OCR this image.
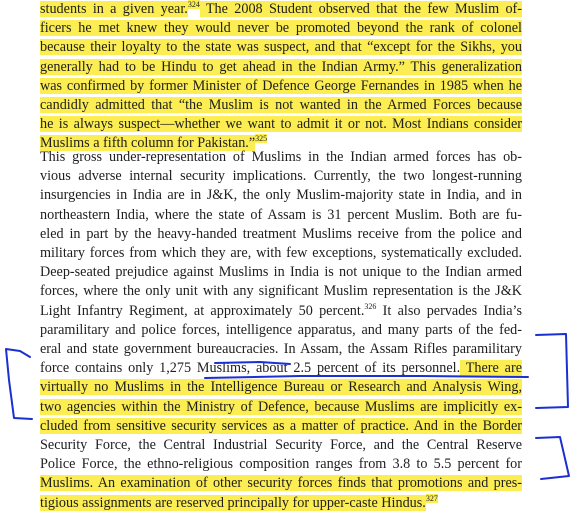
students in a given year.$^{324}$ The 2008 Student observed that the few Muslim of-
ficers he met knew they would never be promoted beyond the rank of colonel
because their loyalty to the state was suspect, and that “except for the Sikhs, you
generally had to be Hindu to get ahead in the Indian Army.” This generalization
was confirmed by former Minister of Defence George Fernandes in 1985 when he
candidly admitted that “the Muslim is not wanted in the Armed Forces because
he is always suspect—whether we want to admit it or not. Most Indians consider
Muslims a fifth column for Pakistan.”$^{325}$
This gross under-representation of Muslims in the Indian armed forces has ob-
vious adverse internal security implications. Currently, the two longest-running
insurgencies in India are in J&K, the only Muslim-majority state in India, and in
northeastern India, where the state of Assam is 31 percent Muslim. Both are fu-
eled in part by the heavy-handed treatment Muslims receive from the police and
military forces from which they are, with few exceptions, systematically excluded.
Deep-seated prejudice against Muslims in India is not unique to the Indian armed
forces, where the only unit with any significant Muslim representation is the J&K
Light Infantry Regiment, at approximately 50 percent.$^{326}$ It also pervades India’s
paramilitary and police forces, intelligence apparatus, and many parts of the fed-
eral and state government bureaucracies. In Assam, the Assam Rifles paramilitary
force contains only 1,275 Muslims, about 2.5 percent of its personnel. There are
virtually no Muslims in the Intelligence Bureau or Research and Analysis Wing,
two agencies within the Ministry of Defence, because Muslims are implicitly ex-
cluded from sensitive security services as a matter of practice. And in the Border
Security Force, the Central Industrial Security Force, and the Central Reserve
Police Force, the ethno-religious composition ranges from 3.8 to 5.5 percent for
Muslims. An examination of other security forces finds that promotions and pres-
tigious assignments are reserved principally for upper-caste Hindus.$^{327}$
